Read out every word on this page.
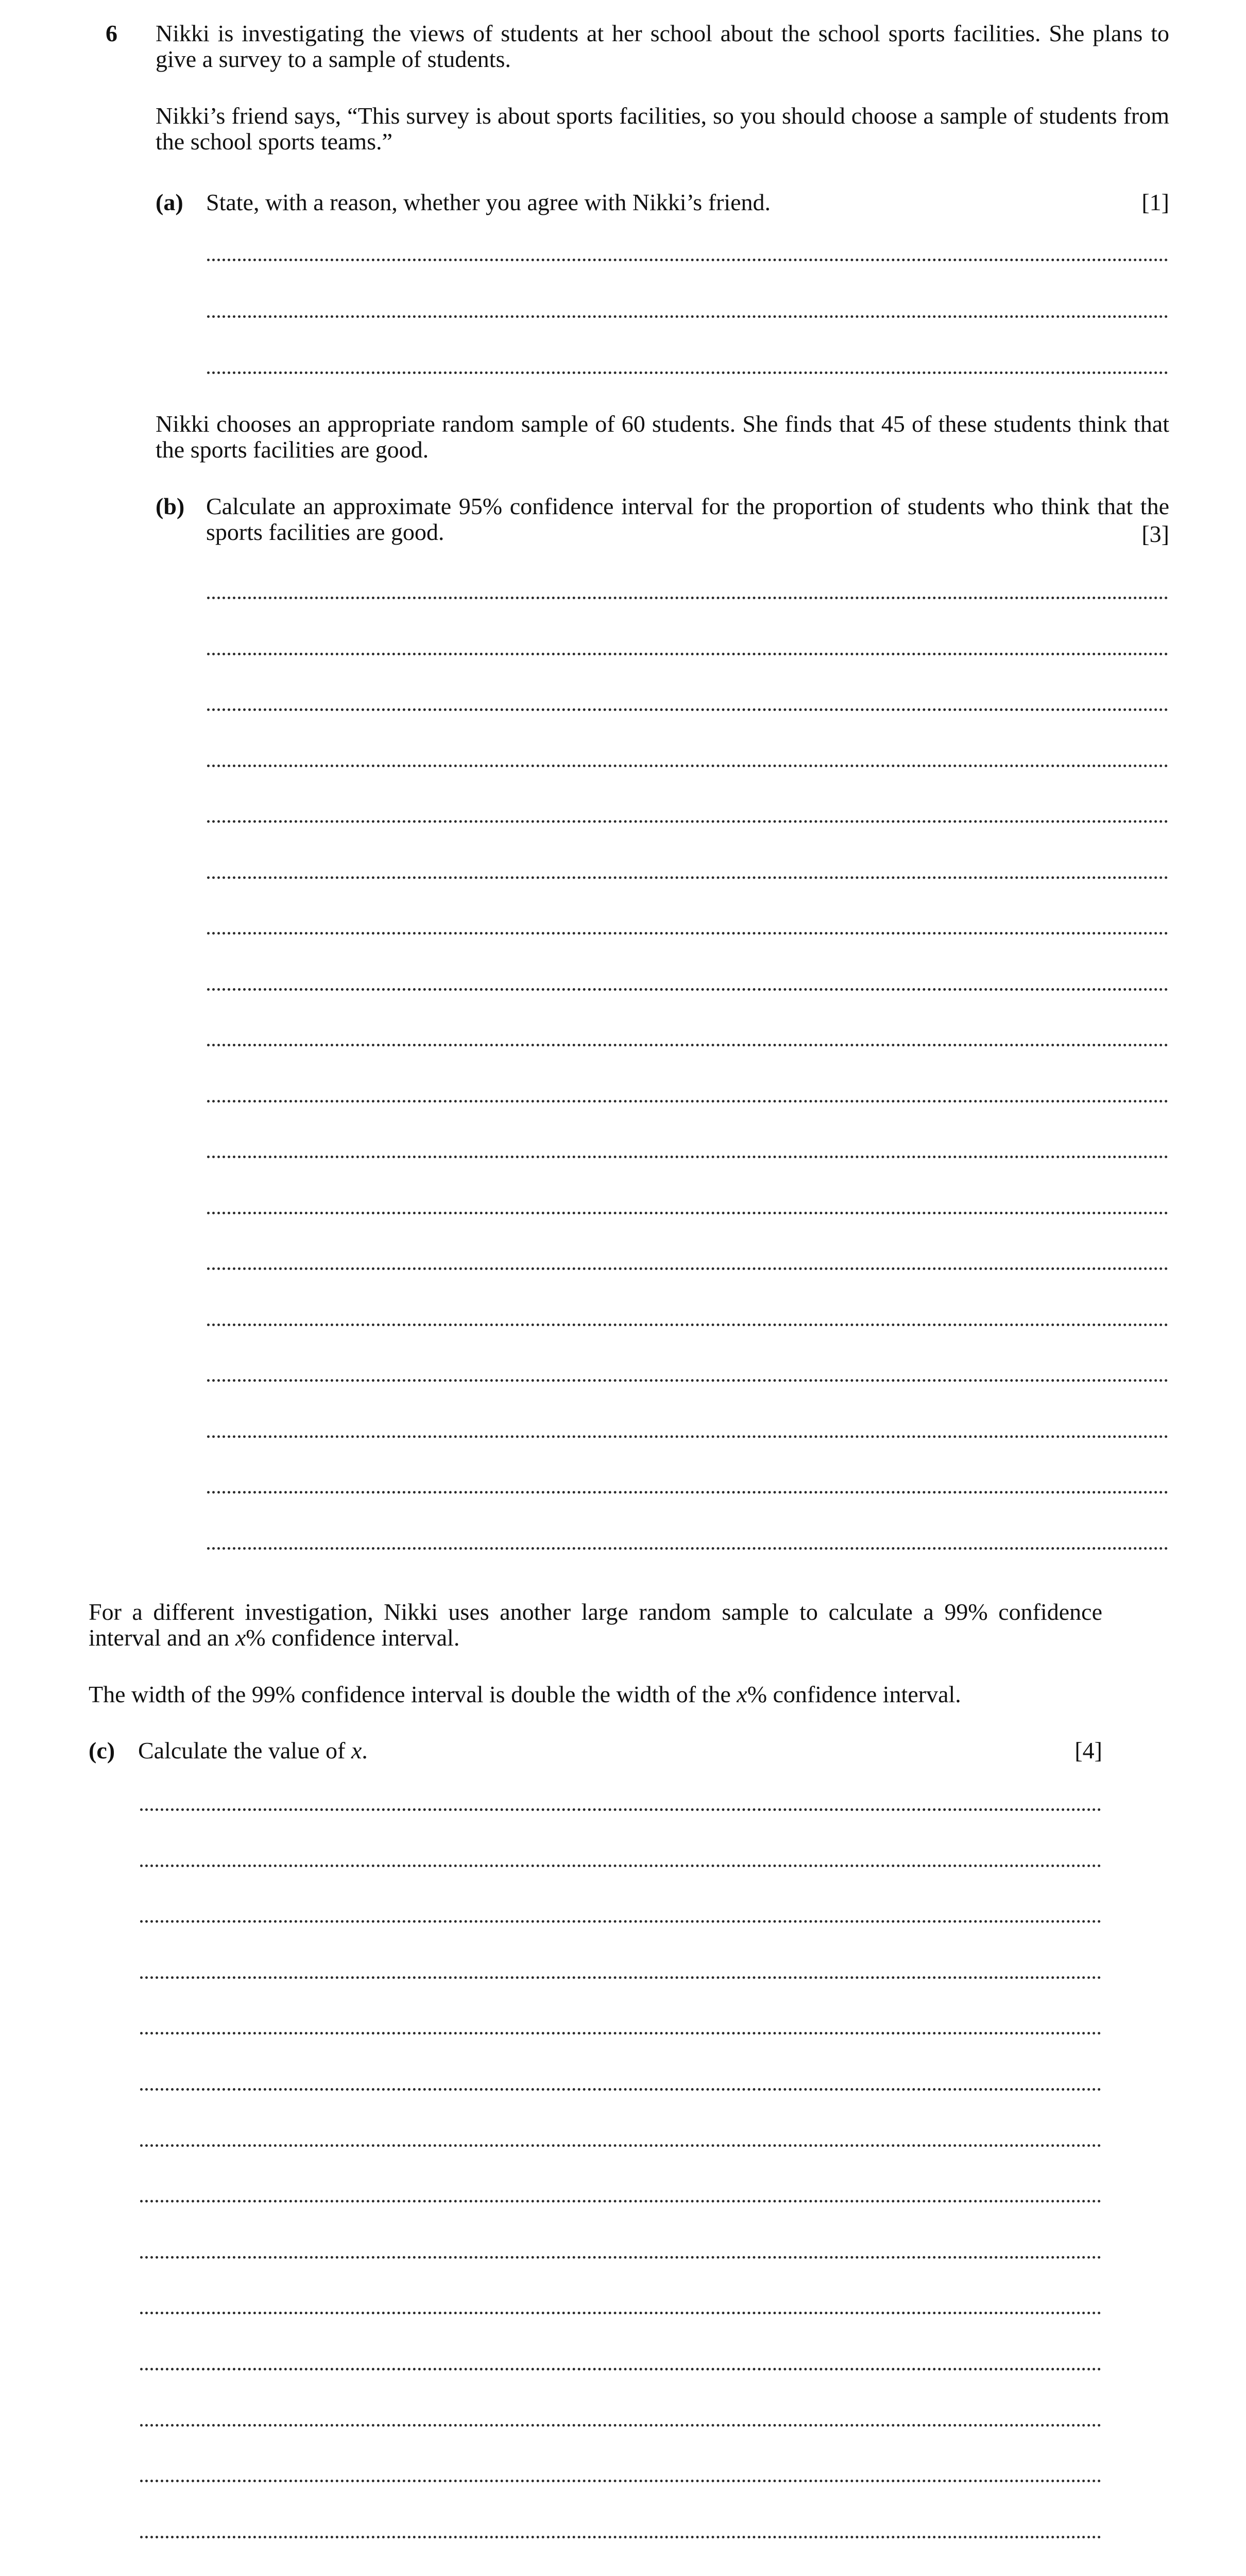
6 Nikki is investigating the views of students at her school about the school sports facilities. She plans to give a survey to a sample of students.

Nikki’s friend says, “This survey is about sports facilities, so you should choose a sample of students from the school sports teams.”

(a) State, with a reason, whether you agree with Nikki’s friend.	[1]

Nikki chooses an appropriate random sample of 60 students. She finds that 45 of these students think that the sports facilities are good.

(b) Calculate an approximate 95% confidence interval for the proportion of students who think that the sports facilities are good.	[3]

For a different investigation, Nikki uses another large random sample to calculate a 99% confidence interval and an x% confidence interval.

The width of the 99% confidence interval is double the width of the x% confidence interval.

(c) Calculate the value of x.	[4]
